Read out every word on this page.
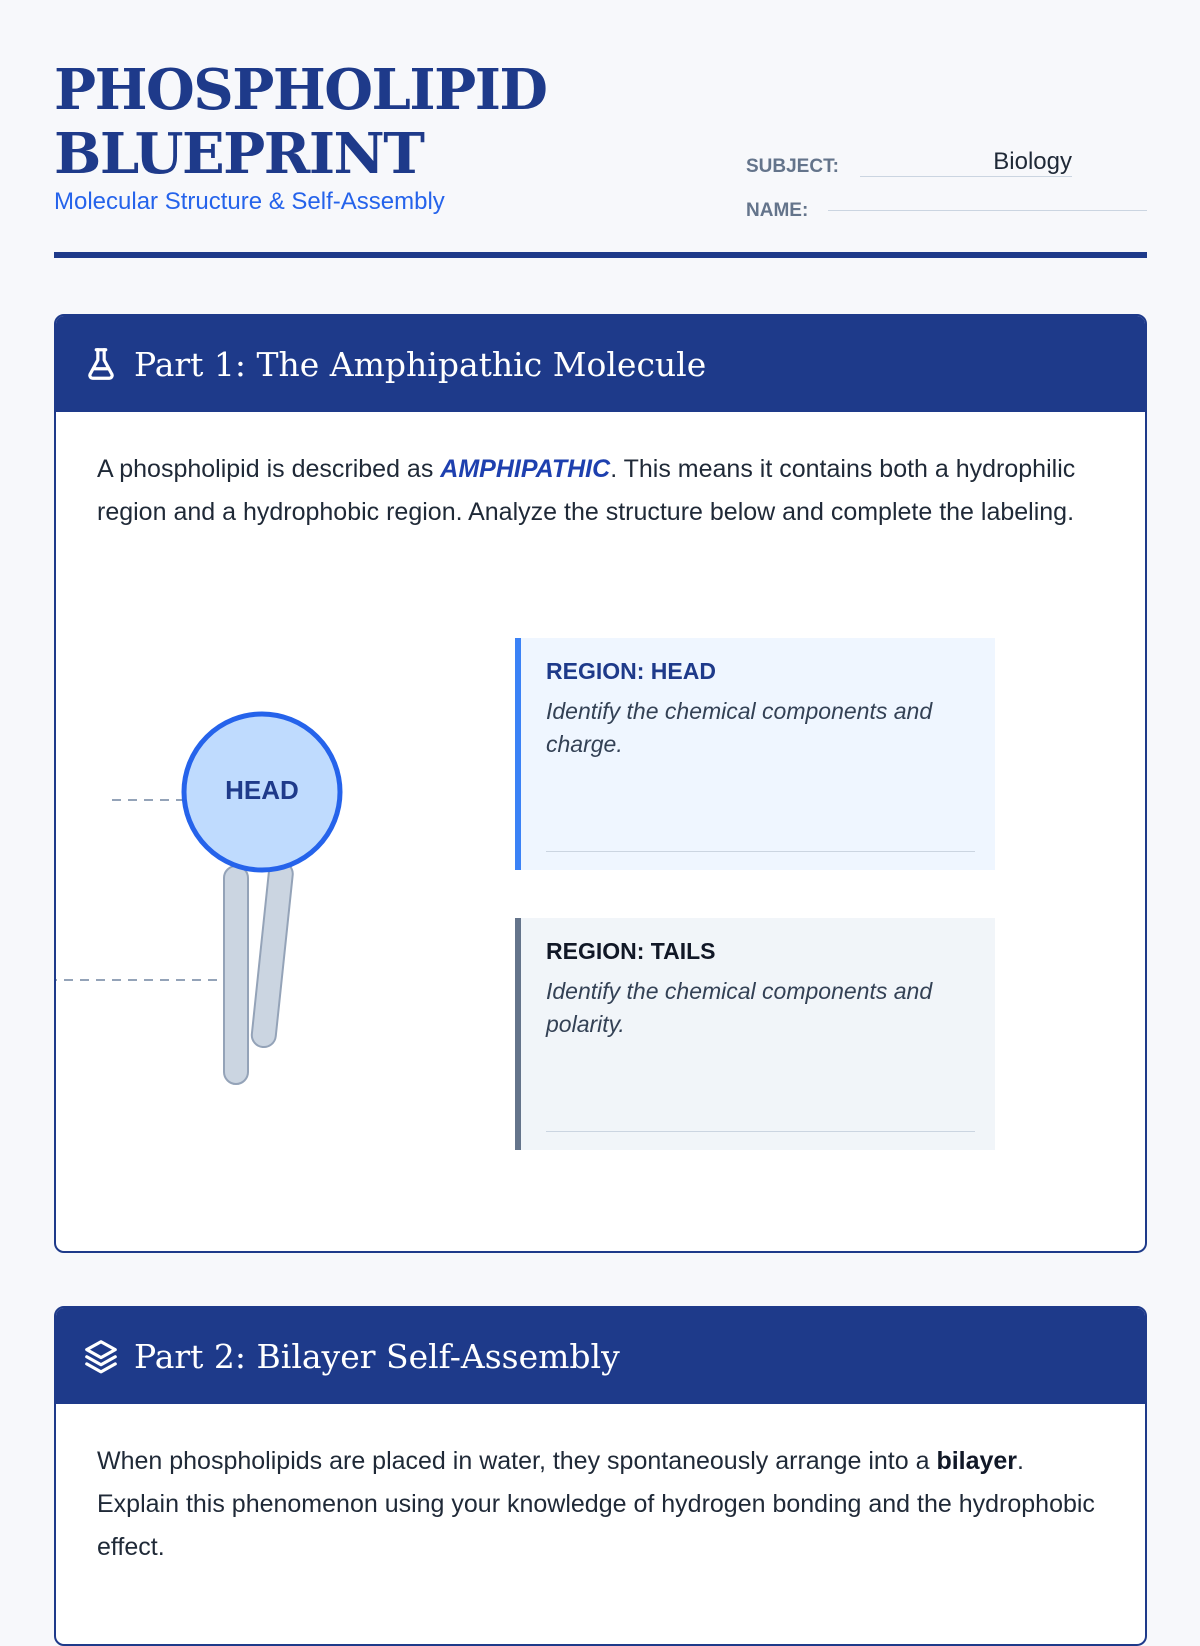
PHOSPHOLIPID
BLUEPRINT
Molecular Structure & Self-Assembly
SUBJECT:	Biology
NAME:
Part 1: The Amphipathic Molecule

A phospholipid is described as AMPHIPATHIC. This means it contains both a hydrophilic region and a hydrophobic region. Analyze the structure below and complete the labeling.

HEAD

REGION: HEAD

Identify the chemical components and charge.

REGION: TAILS

Identify the chemical components and polarity.

Part 2: Bilayer Self-Assembly

When phospholipids are placed in water, they spontaneously arrange into a bilayer. Explain this phenomenon using your knowledge of hydrogen bonding and the hydrophobic effect.
